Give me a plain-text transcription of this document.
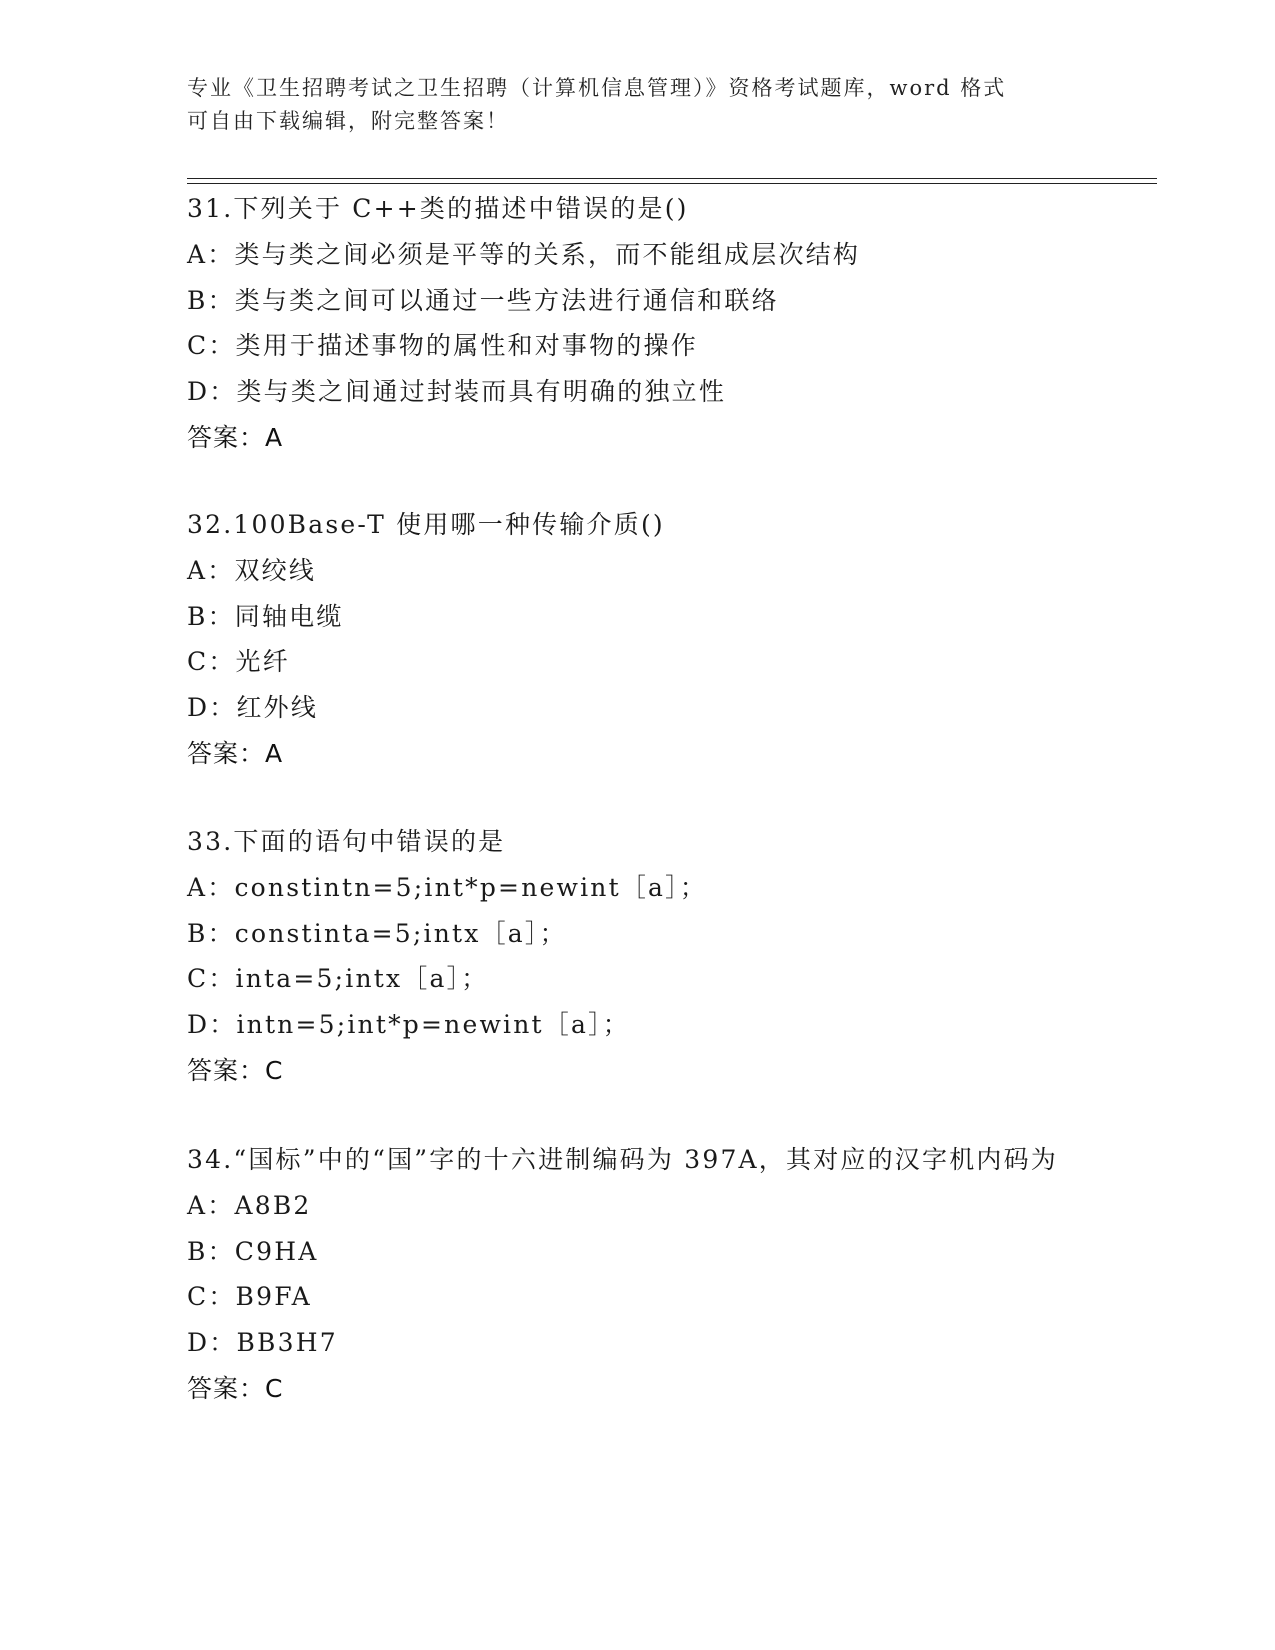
专业《卫生招聘考试之卫生招聘（计算机信息管理）》资格考试题库，word 格式
可自由下载编辑，附完整答案！
31.下列关于 C++类的描述中错误的是()
A：类与类之间必须是平等的关系，而不能组成层次结构
B：类与类之间可以通过一些方法进行通信和联络
C：类用于描述事物的属性和对事物的操作
D：类与类之间通过封装而具有明确的独立性
答案：A
32.100Base-T 使用哪一种传输介质()
A：双绞线
B：同轴电缆
C：光纤
D：红外线
答案：A
33.下面的语句中错误的是
A：constintn=5;int*p=newint［a］；
B：constinta=5;intx［a］；
C：inta=5;intx［a］；
D：intn=5;int*p=newint［a］；
答案：C
34.“国标”中的“国”字的十六进制编码为 397A，其对应的汉字机内码为
A：A8B2
B：C9HA
C：B9FA
D：BB3H7
答案：C
